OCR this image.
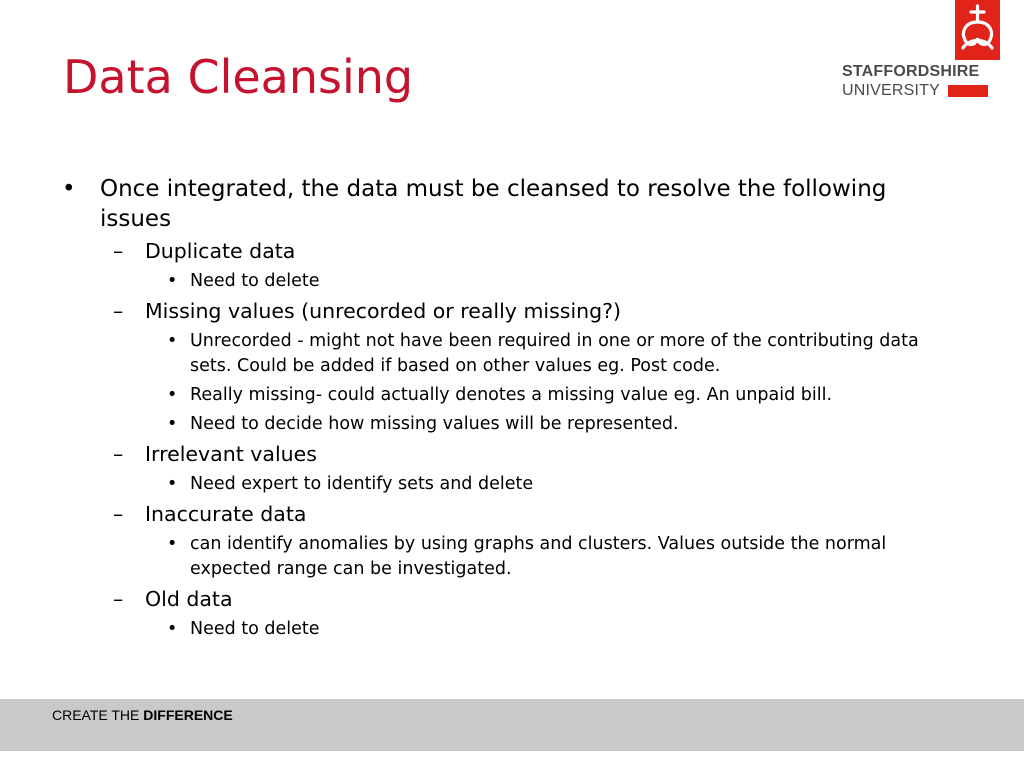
Data Cleansing	STAFFORDSHIRE
UNIVERSITY
• Once integrated, the data must be cleansed to resolve the following issues
– Duplicate data
• Need to delete
– Missing values (unrecorded or really missing?)
• Unrecorded - might not have been required in one or more of the contributing data sets. Could be added if based on other values eg. Post code.
• Really missing- could actually denotes a missing value eg. An unpaid bill.
• Need to decide how missing values will be represented.
– Irrelevant values
• Need expert to identify sets and delete
– Inaccurate data
• can identify anomalies by using graphs and clusters. Values outside the normal expected range can be investigated.
– Old data
• Need to delete
CREATE THE DIFFERENCE
